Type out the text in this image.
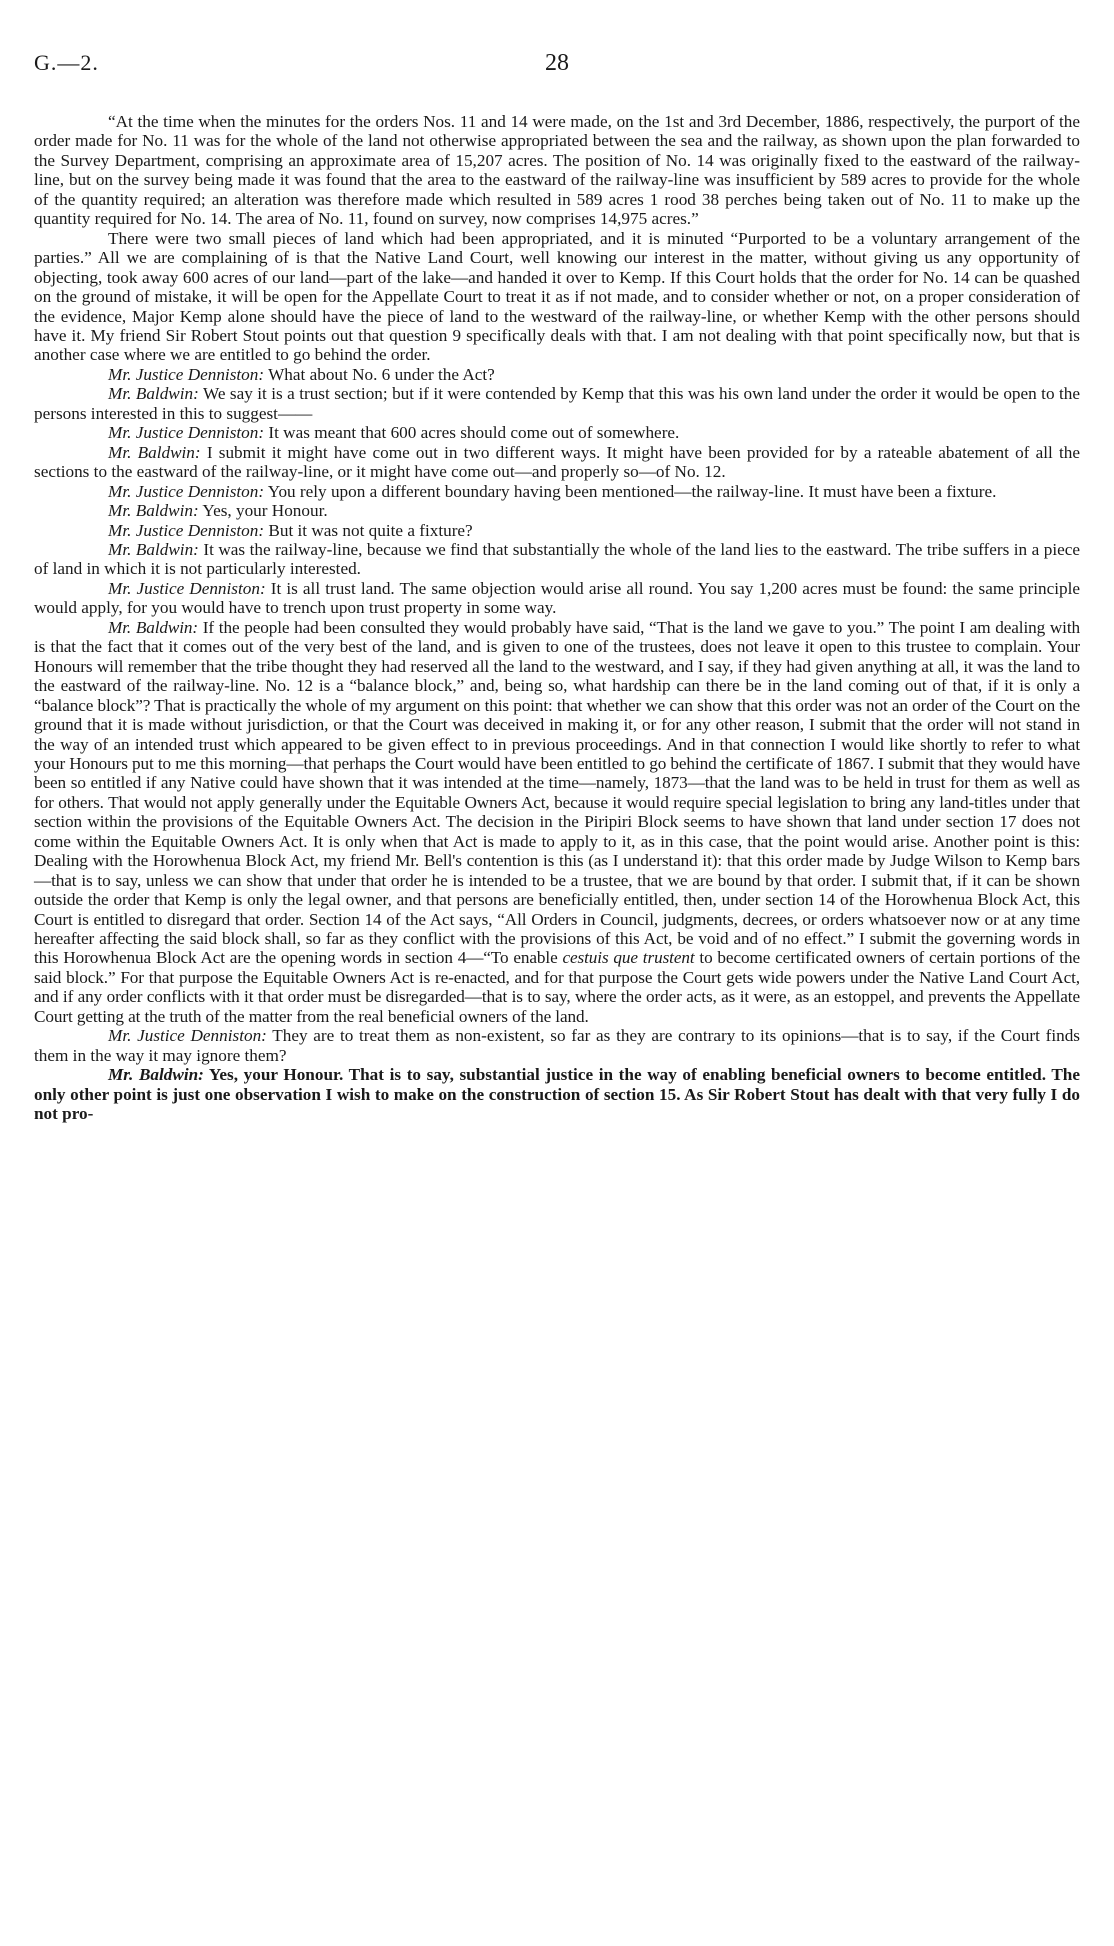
G.—2.	28

“At the time when the minutes for the orders Nos. 11 and 14 were made, on the 1st and 3rd December, 1886, respectively, the purport of the order made for No. 11 was for the whole of the land not otherwise appropriated between the sea and the railway, as shown upon the plan forwarded to the Survey Department, comprising an approximate area of 15,207 acres. The position of No. 14 was originally fixed to the eastward of the railway-line, but on the survey being made it was found that the area to the eastward of the railway-line was insufficient by 589 acres to provide for the whole of the quantity required; an alteration was therefore made which resulted in 589 acres 1 rood 38 perches being taken out of No. 11 to make up the quantity required for No. 14. The area of No. 11, found on survey, now comprises 14,975 acres.”

There were two small pieces of land which had been appropriated, and it is minuted “Purported to be a voluntary arrangement of the parties.” All we are complaining of is that the Native Land Court, well knowing our interest in the matter, without giving us any opportunity of objecting, took away 600 acres of our land—part of the lake—and handed it over to Kemp. If this Court holds that the order for No. 14 can be quashed on the ground of mistake, it will be open for the Appellate Court to treat it as if not made, and to consider whether or not, on a proper consideration of the evidence, Major Kemp alone should have the piece of land to the westward of the railway-line, or whether Kemp with the other persons should have it. My friend Sir Robert Stout points out that question 9 specifically deals with that. I am not dealing with that point specifically now, but that is another case where we are entitled to go behind the order.

Mr. Justice Denniston: What about No. 6 under the Act?

Mr. Baldwin: We say it is a trust section; but if it were contended by Kemp that this was his own land under the order it would be open to the persons interested in this to suggest——

Mr. Justice Denniston: It was meant that 600 acres should come out of somewhere.

Mr. Baldwin: I submit it might have come out in two different ways. It might have been provided for by a rateable abatement of all the sections to the eastward of the railway-line, or it might have come out—and properly so—of No. 12.

Mr. Justice Denniston: You rely upon a different boundary having been mentioned—the railway-line. It must have been a fixture.

Mr. Baldwin: Yes, your Honour.

Mr. Justice Denniston: But it was not quite a fixture?

Mr. Baldwin: It was the railway-line, because we find that substantially the whole of the land lies to the eastward. The tribe suffers in a piece of land in which it is not particularly interested.

Mr. Justice Denniston: It is all trust land. The same objection would arise all round. You say 1,200 acres must be found: the same principle would apply, for you would have to trench upon trust property in some way.

Mr. Baldwin: If the people had been consulted they would probably have said, “That is the land we gave to you.” The point I am dealing with is that the fact that it comes out of the very best of the land, and is given to one of the trustees, does not leave it open to this trustee to complain. Your Honours will remember that the tribe thought they had reserved all the land to the westward, and I say, if they had given anything at all, it was the land to the eastward of the railway-line. No. 12 is a “balance block,” and, being so, what hardship can there be in the land coming out of that, if it is only a “balance block”? That is practically the whole of my argument on this point: that whether we can show that this order was not an order of the Court on the ground that it is made without jurisdiction, or that the Court was deceived in making it, or for any other reason, I submit that the order will not stand in the way of an intended trust which appeared to be given effect to in previous proceedings. And in that connection I would like shortly to refer to what your Honours put to me this morning—that perhaps the Court would have been entitled to go behind the certificate of 1867. I submit that they would have been so entitled if any Native could have shown that it was intended at the time—namely, 1873—that the land was to be held in trust for them as well as for others. That would not apply generally under the Equitable Owners Act, because it would require special legislation to bring any land-titles under that section within the provisions of the Equitable Owners Act. The decision in the Piripiri Block seems to have shown that land under section 17 does not come within the Equitable Owners Act. It is only when that Act is made to apply to it, as in this case, that the point would arise. Another point is this: Dealing with the Horowhenua Block Act, my friend Mr. Bell's contention is this (as I understand it): that this order made by Judge Wilson to Kemp bars—that is to say, unless we can show that under that order he is intended to be a trustee, that we are bound by that order. I submit that, if it can be shown outside the order that Kemp is only the legal owner, and that persons are beneficially entitled, then, under section 14 of the Horowhenua Block Act, this Court is entitled to disregard that order. Section 14 of the Act says, “All Orders in Council, judgments, decrees, or orders whatsoever now or at any time hereafter affecting the said block shall, so far as they conflict with the provisions of this Act, be void and of no effect.” I submit the governing words in this Horowhenua Block Act are the opening words in section 4—“To enable cestuis que trustent to become certificated owners of certain portions of the said block.” For that purpose the Equitable Owners Act is re-enacted, and for that purpose the Court gets wide powers under the Native Land Court Act, and if any order conflicts with it that order must be disregarded—that is to say, where the order acts, as it were, as an estoppel, and prevents the Appellate Court getting at the truth of the matter from the real beneficial owners of the land.

Mr. Justice Denniston: They are to treat them as non-existent, so far as they are contrary to its opinions—that is to say, if the Court finds them in the way it may ignore them?

Mr. Baldwin: Yes, your Honour. That is to say, substantial justice in the way of enabling beneficial owners to become entitled. The only other point is just one observation I wish to make on the construction of section 15. As Sir Robert Stout has dealt with that very fully I do not pro-
